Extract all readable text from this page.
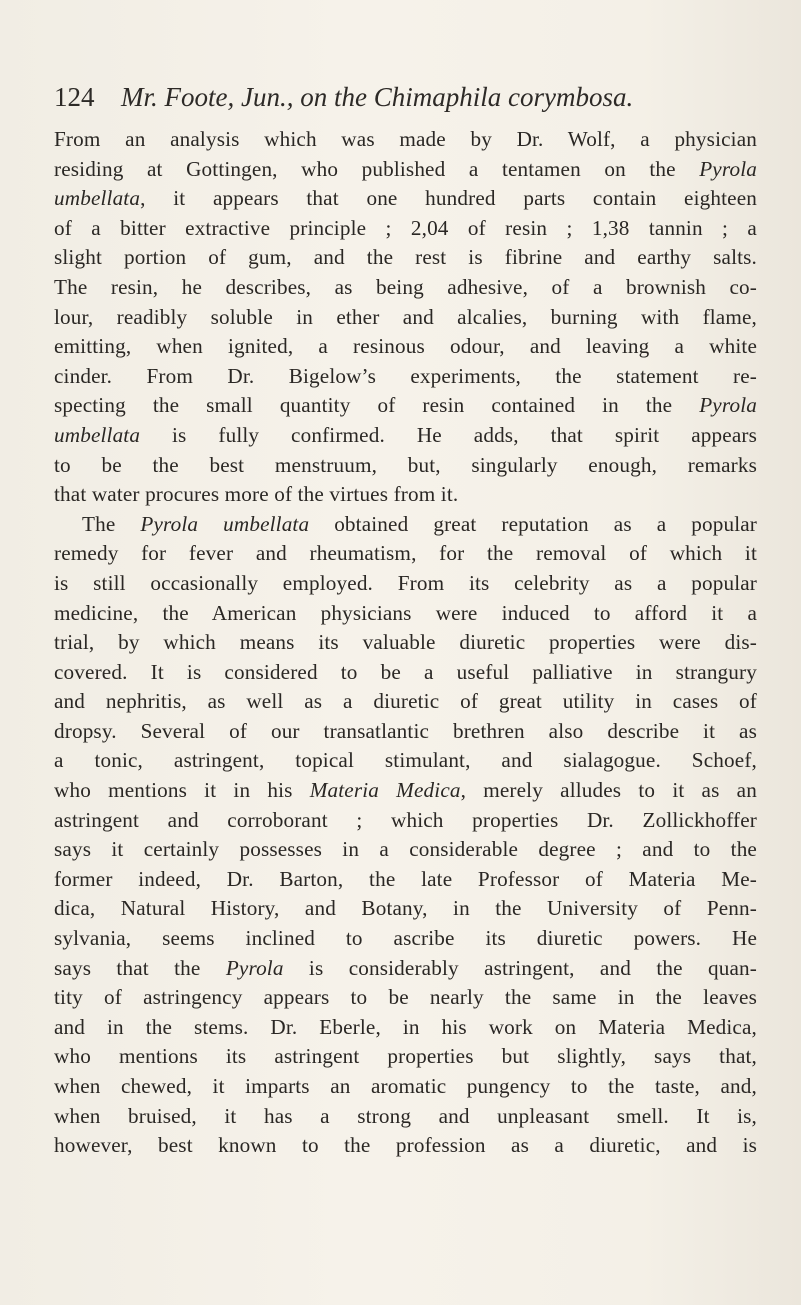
124 Mr. Foote, Jun., on the Chimaphila corymbosa.
From an analysis which was made by Dr. Wolf, a physician
residing at Gottingen, who published a tentamen on the Pyrola
umbellata, it appears that one hundred parts contain eighteen
of a bitter extractive principle ; 2,04 of resin ; 1,38 tannin ; a
slight portion of gum, and the rest is fibrine and earthy salts.
The resin, he describes, as being adhesive, of a brownish co-
lour, readibly soluble in ether and alcalies, burning with flame,
emitting, when ignited, a resinous odour, and leaving a white
cinder. From Dr. Bigelow’s experiments, the statement re-
specting the small quantity of resin contained in the Pyrola
umbellata is fully confirmed. He adds, that spirit appears
to be the best menstruum, but, singularly enough, remarks
that water procures more of the virtues from it.
The Pyrola umbellata obtained great reputation as a popular
remedy for fever and rheumatism, for the removal of which it
is still occasionally employed. From its celebrity as a popular
medicine, the American physicians were induced to afford it a
trial, by which means its valuable diuretic properties were dis-
covered. It is considered to be a useful palliative in strangury
and nephritis, as well as a diuretic of great utility in cases of
dropsy. Several of our transatlantic brethren also describe it as
a tonic, astringent, topical stimulant, and sialagogue. Schoef,
who mentions it in his Materia Medica, merely alludes to it as an
astringent and corroborant ; which properties Dr. Zollickhoffer
says it certainly possesses in a considerable degree ; and to the
former indeed, Dr. Barton, the late Professor of Materia Me-
dica, Natural History, and Botany, in the University of Penn-
sylvania, seems inclined to ascribe its diuretic powers. He
says that the Pyrola is considerably astringent, and the quan-
tity of astringency appears to be nearly the same in the leaves
and in the stems. Dr. Eberle, in his work on Materia Medica,
who mentions its astringent properties but slightly, says that,
when chewed, it imparts an aromatic pungency to the taste, and,
when bruised, it has a strong and unpleasant smell. It is,
however, best known to the profession as a diuretic, and is
